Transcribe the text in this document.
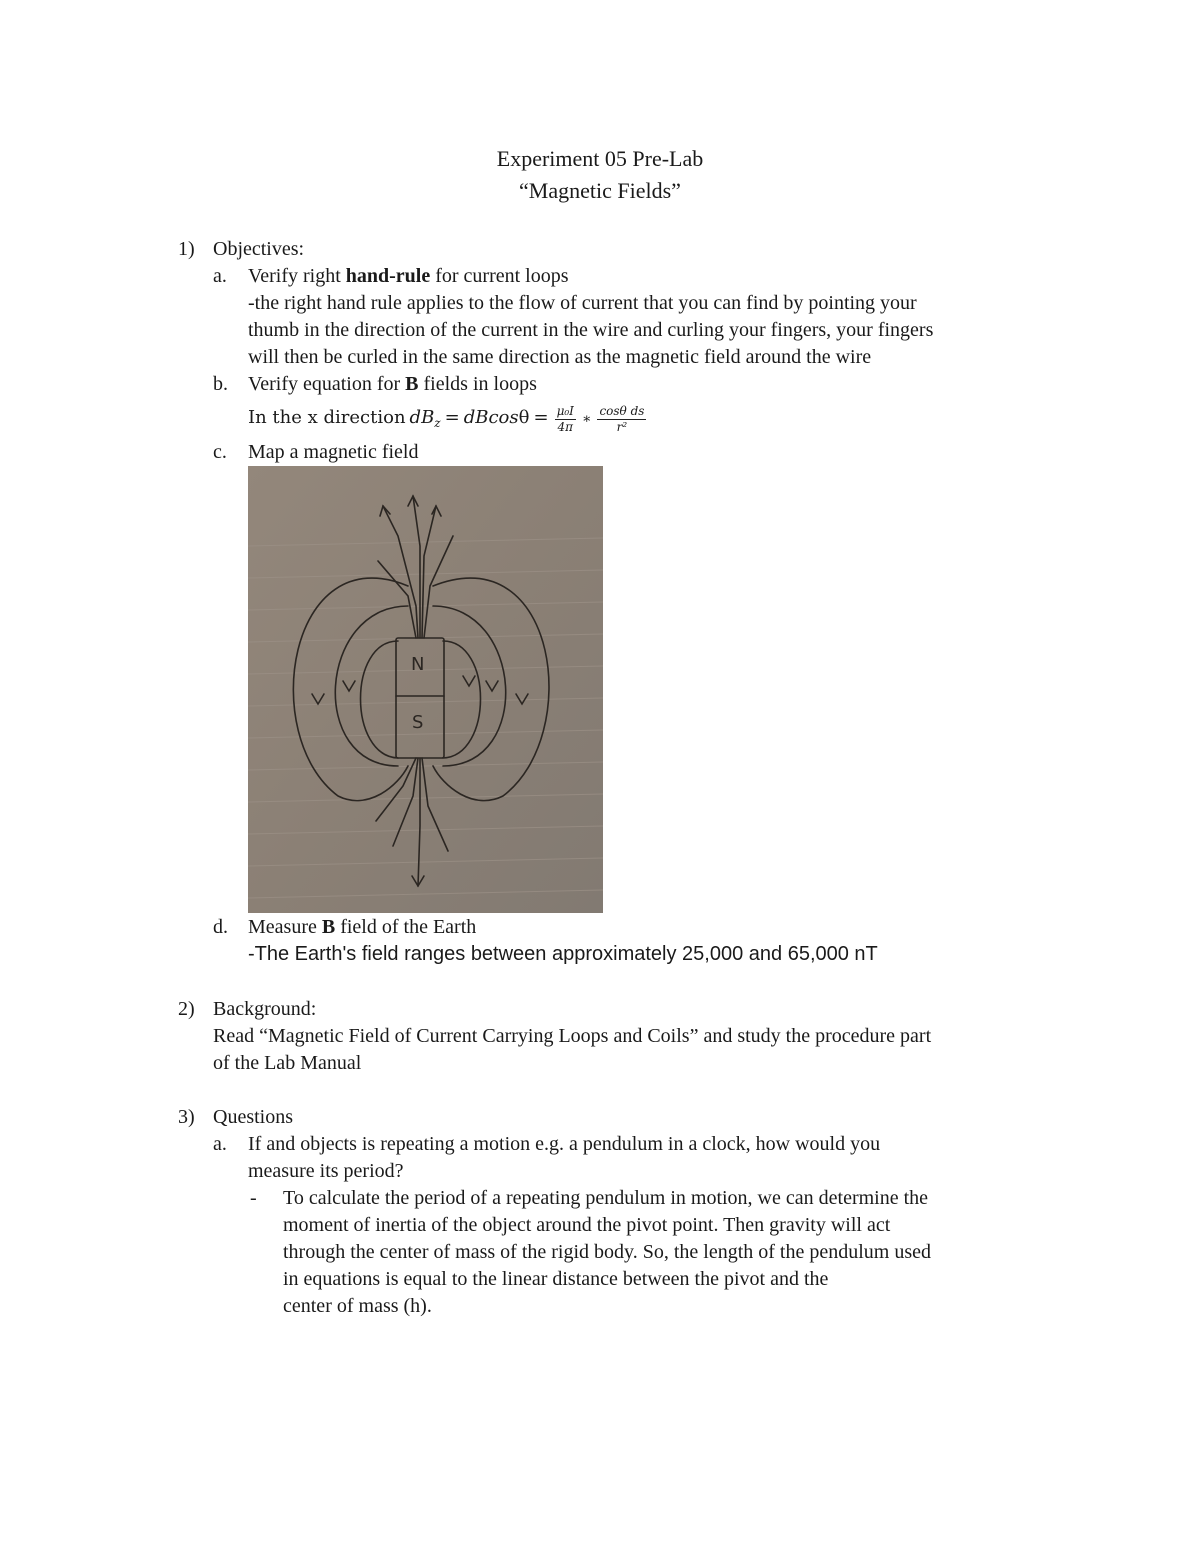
Experiment 05 Pre-Lab
“Magnetic Fields”
1) Objectives:
a. Verify right hand-rule for current loops
-the right hand rule applies to the flow of current that you can find by pointing your
thumb in the direction of the current in the wire and curling your fingers, your fingers
will then be curled in the same direction as the magnetic field around the wire
b. Verify equation for B fields in loops
In the x direction $dB_z = dBcos\theta = \frac{\text{μ₀I}}{4\pi}$ ∗ $\frac{\text{cosθ ds}}{\text{r²}}$
c. Map a magnetic field
N
S
d. Measure B field of the Earth
-The Earth's field ranges between approximately 25,000 and 65,000 nT
2) Background:
Read “Magnetic Field of Current Carrying Loops and Coils” and study the procedure part
of the Lab Manual
3) Questions
a. If and objects is repeating a motion e.g. a pendulum in a clock, how would you
measure its period?
- To calculate the period of a repeating pendulum in motion, we can determine the
moment of inertia of the object around the pivot point. Then gravity will act
through the center of mass of the rigid body. So, the length of the pendulum used
in equations is equal to the linear distance between the pivot and the
center of mass (h).
